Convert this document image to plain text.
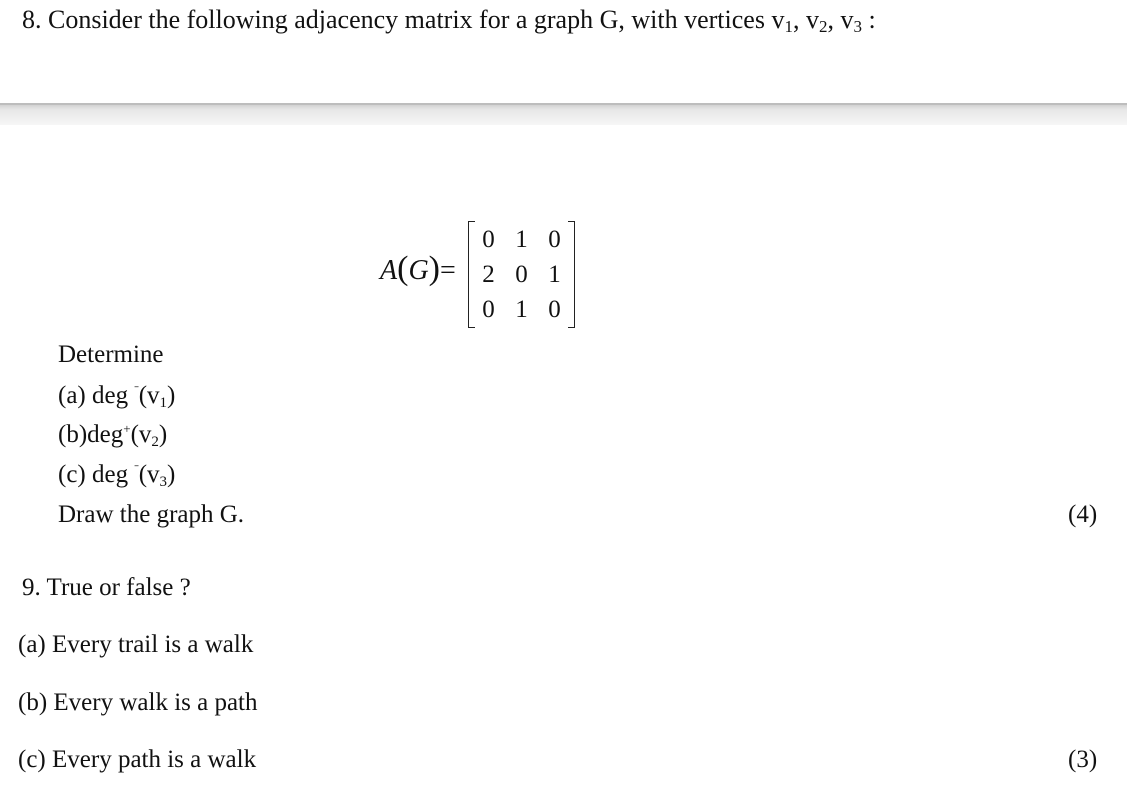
8. Consider the following adjacency matrix for a graph G, with vertices $v_1$, $v_2$, $v_3$ :
A(G)=
0 1 0
2 0 1
0 1 0
Determine
(a) deg $^ˉ(v_1)$
$(b)deg^+(v_2)$
(c) deg $^ˉ(v_3)$
Draw the graph G.	(4)
9. True or false ?
(a) Every trail is a walk
(b) Every walk is a path
(c) Every path is a walk	(3)
